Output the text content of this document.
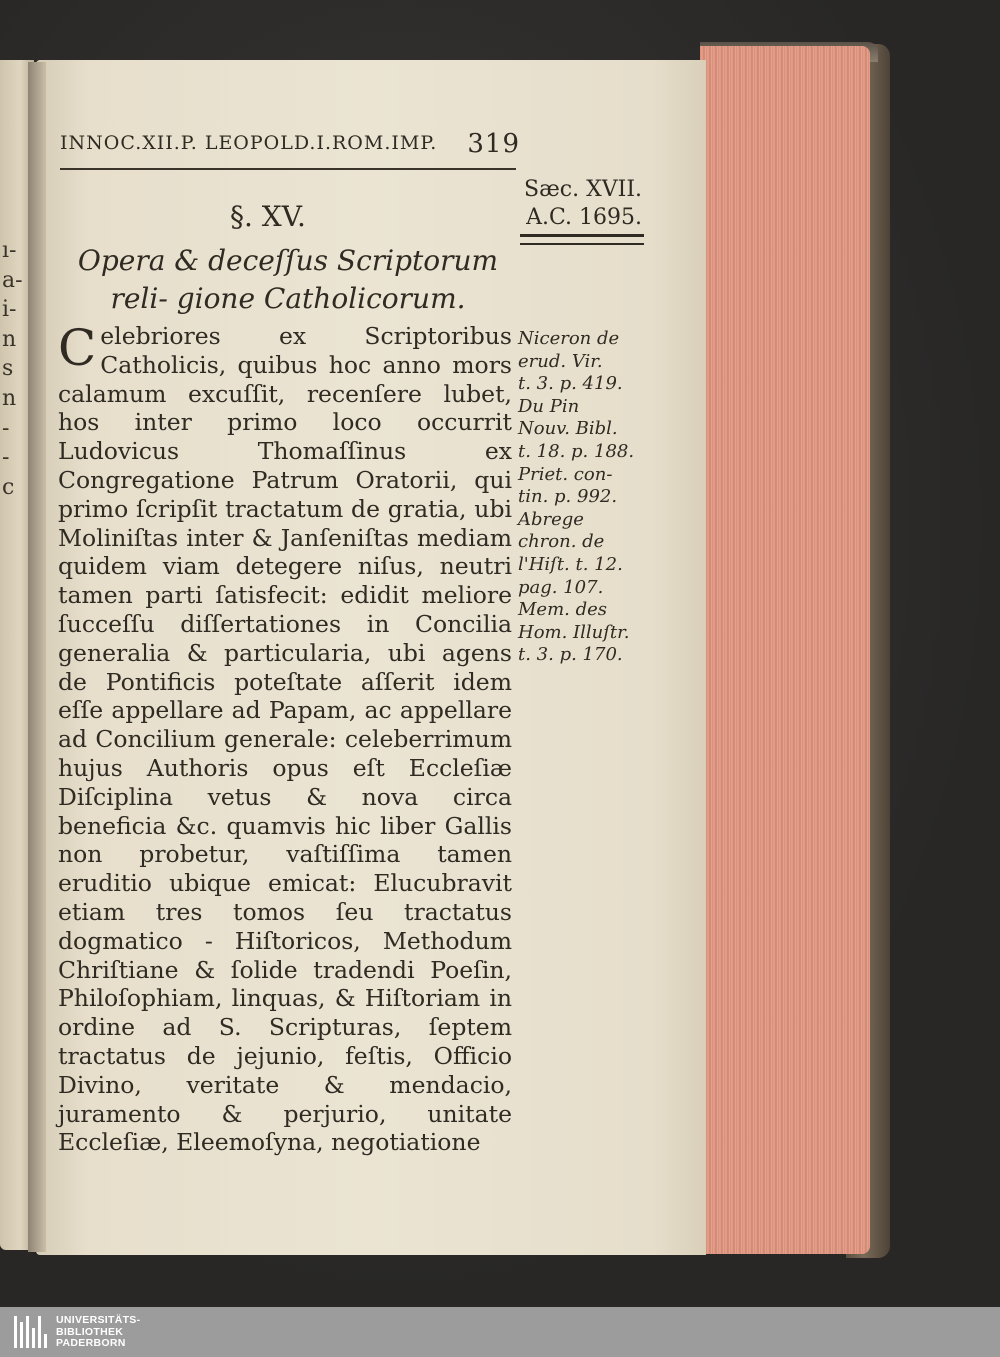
ı-
a-
i-
n
s
n
-
-
c
INNOC.XII.P. LEOPOLD.I.ROM.IMP. 319
Sæc. XVII.
A.C. 1695.
§. XV.
Opera & deceſſus Scriptorum reli- gione Catholicorum.
C elebriores ex Scriptoribus Catholicis, quibus hoc anno mors calamum excuſſit, recenſere lubet, hos inter primo loco occurrit Ludovicus Thomaſſinus ex Congregatione Patrum Oratorii, qui primo ſcripſit tractatum de gratia, ubi Moliniſtas inter & Janſeniſtas mediam quidem viam detegere niſus, neutri tamen parti ſatisfecit: edidit meliore ſucceſſu diſſertationes in Concilia generalia & particularia, ubi agens de Pontificis poteſtate aſſerit idem eſſe appellare ad Papam, ac appellare ad Concilium generale: celeberrimum hujus Authoris opus eſt Eccleſiæ Diſciplina vetus & nova circa beneficia &c. quamvis hic liber Gallis non probetur, vaſtiſſima tamen eruditio ubique emicat: Elucubravit etiam tres tomos ſeu tractatus dogmatico - Hiſtoricos, Methodum Chriſtiane & ſolide tradendi Poeſin, Philoſophiam, linquas, & Hiſtoriam in ordine ad S. Scripturas, ſeptem tractatus de jejunio, feſtis, Officio Divino, veritate & mendacio, juramento & perjurio, unitate Eccleſiæ, Eleemoſyna, negotiatione
Niceron de
erud. Vir.
t. 3. p. 419.
Du Pin
Nouv. Bibl.
t. 18. p. 188.
Priet. con-
tin. p. 992.
Abrege
chron. de
l'Hiſt. t. 12.
pag. 107.
Mem. des
Hom. Illuſtr.
t. 3. p. 170.
UNIVERSITÄTS-
BIBLIOTHEK
PADERBORN
